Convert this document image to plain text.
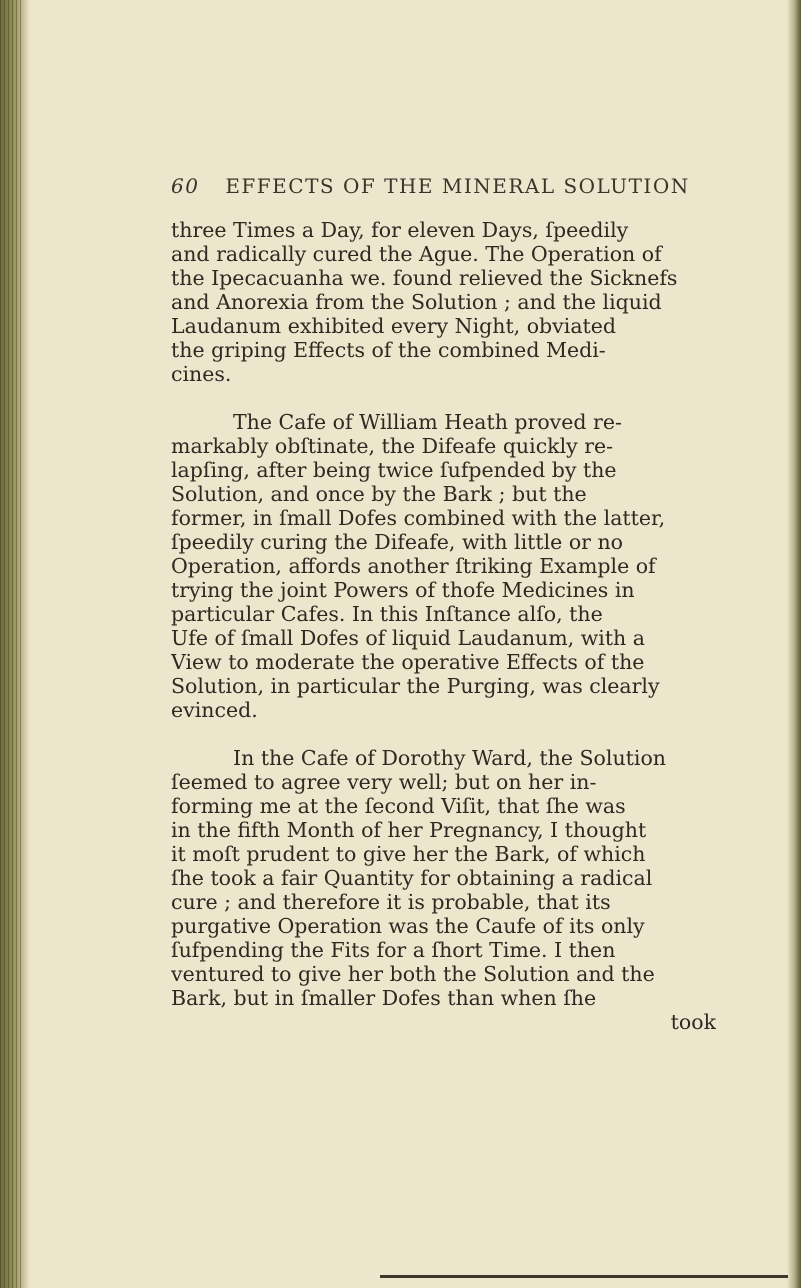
60 EFFECTS OF THE MINERAL SOLUTION
three Times a Day, for eleven Days, ſpeedily
and radically cured the Ague. The Operation of
the Ipecacuanha we. found relieved the Sicknefs
and Anorexia from the Solution ; and the liquid
Laudanum exhibited every Night, obviated
the griping Effects of the combined Medi-
cines.
The Cafe of William Heath proved re-
markably obſtinate, the Difeafe quickly re-
lapſing, after being twice ſufpended by the
Solution, and once by the Bark ; but the
former, in ſmall Dofes combined with the latter,
ſpeedily curing the Difeafe, with little or no
Operation, affords another ſtriking Example of
trying the joint Powers of thofe Medicines in
particular Cafes. In this Inſtance alſo, the
Ufe of ſmall Dofes of liquid Laudanum, with a
View to moderate the operative Effects of the
Solution, in particular the Purging, was clearly
evinced.
In the Cafe of Dorothy Ward, the Solution
ſeemed to agree very well; but on her in-
forming me at the ſecond Viſit, that ſhe was
in the fifth Month of her Pregnancy, I thought
it moſt prudent to give her the Bark, of which
ſhe took a fair Quantity for obtaining a radical
cure ; and therefore it is probable, that its
purgative Operation was the Caufe of its only
ſufpending the Fits for a ſhort Time. I then
ventured to give her both the Solution and the
Bark, but in ſmaller Dofes than when ſhe
took
